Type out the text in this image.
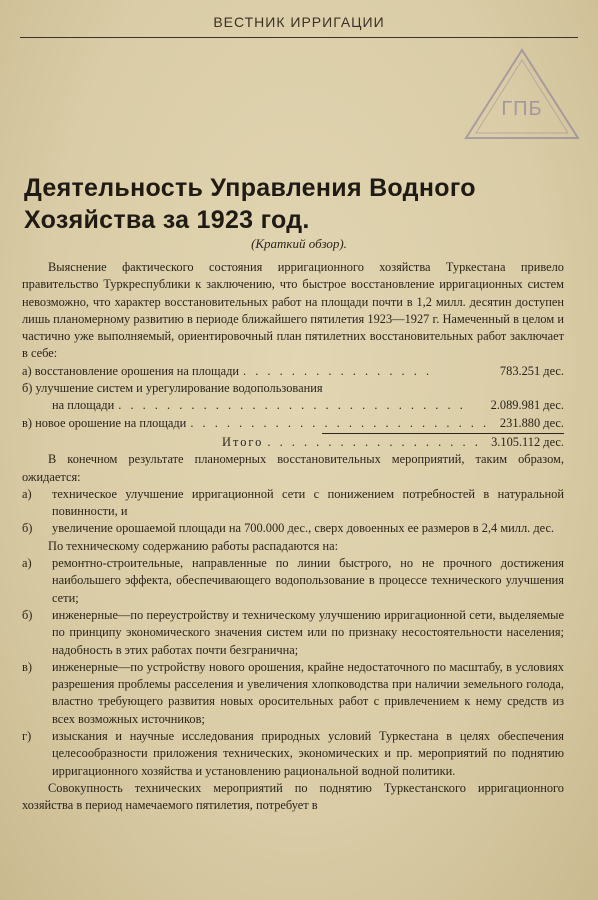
ВЕСТНИК ИРРИГАЦИИ
ГПБ
Деятельность Управления Водного Хозяйства за 1923 год.
(Краткий обзор).

Выяснение фактического состояния ирригационного хозяйства Туркестана привело правительство Туркреспублики к заключению, что быстрое восстановление ирригационных систем невозможно, что характер восстановительных работ на площади почти в 1,2 милл. десятин доступен лишь планомерному развитию в периоде ближайшего пятилетия 1923—1927 г. Намеченный в целом и частично уже выполняемый, ориентировочный план пятилетних восстановительных работ заключает в себе:

а) восстановление орошения на площади . . . . . . . . . . . . . . . .	783.251 дес.
б) улучшение систем и урегулирование водопользования
на площади . . . . . . . . . . . . . . . . . . . . . . . . . . . . .	2.089.981 дес.
в) новое орошение на площади . . . . . . . . . . . . . . . . . . . . . . . . . 231.880 дес.
Итого . . . . . . . . . . . . . . . . . . 3.105.112 дес.

В конечном результате планомерных восстановительных мероприятий, таким образом, ожидается:

а) техническое улучшение ирригационной сети с понижением потребностей в натуральной повинности, и

б) увеличение орошаемой площади на 700.000 дес., сверх довоенных ее размеров в 2,4 милл. дес.

По техническому содержанию работы распадаются на:

а) ремонтно-строительные, направленные по линии быстрого, но не прочного достижения наибольшего эффекта, обеспечивающего водопользование в процессе технического улучшения сети;

б) инженерные—по переустройству и техническому улучшению ирригационной сети, выделяемые по принципу экономического значения систем или по признаку несостоятельности населения; надобность в этих работах почти безгранична;

в) инженерные—по устройству нового орошения, крайне недостаточного по масштабу, в условиях разрешения проблемы расселения и увеличения хлопководства при наличии земельного голода, властно требующего развития новых оросительных работ с привлечением к нему средств из всех возможных источников;

г) изыскания и научные исследования природных условий Туркестана в целях обеспечения целесообразности приложения технических, экономических и пр. мероприятий по поднятию ирригационного хозяйства и установлению рациональной водной политики.

Совокупность технических мероприятий по поднятию Туркестанского ирригационного хозяйства в период намечаемого пятилетия, потребует в
